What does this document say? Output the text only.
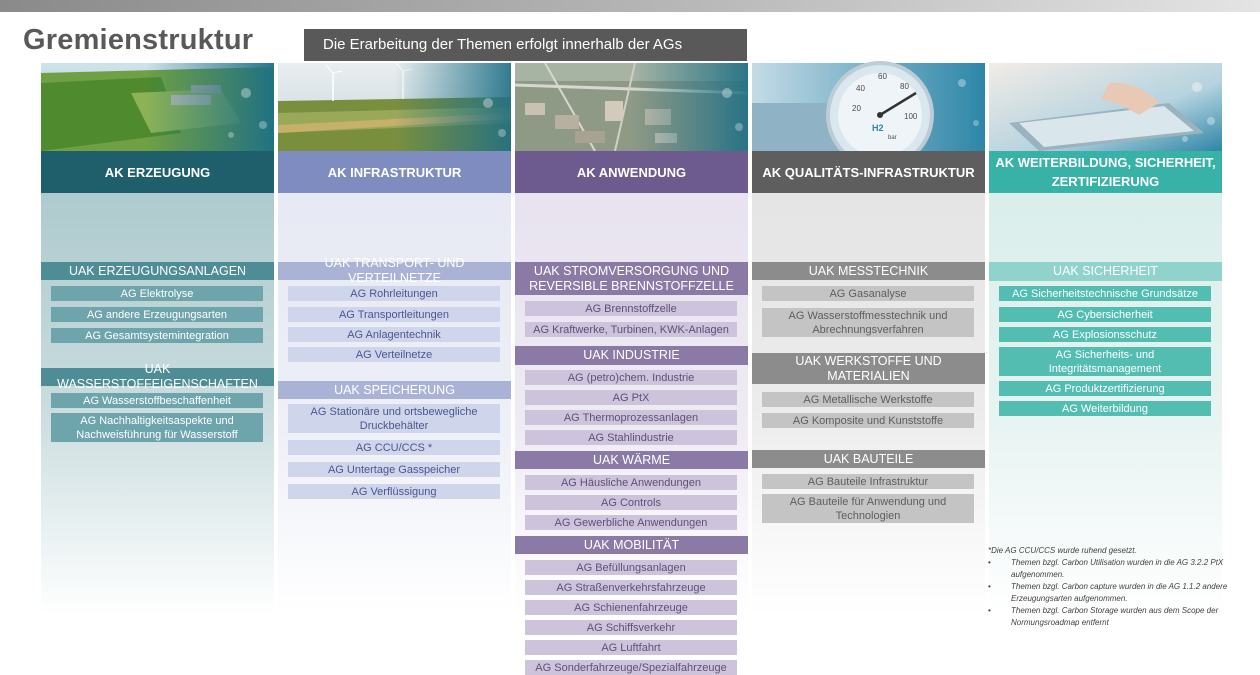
Gremienstruktur	Die Erarbeitung der Themen erfolgt innerhalb der AGs
AK ERZEUGUNG
UAK ERZEUGUNGSANLAGEN
AG Elektrolyse
AG andere Erzeugungsarten
AG Gesamtsystemintegration
UAK WASSERSTOFFEIGENSCHAFTEN
AG Wasserstoffbeschaffenheit
AG Nachhaltigkeitsaspekte und Nachweisführung für Wasserstoff
AK INFRASTRUKTUR
UAK TRANSPORT- UND VERTEILNETZE
AG Rohrleitungen
AG Transportleitungen
AG Anlagentechnik
AG Verteilnetze
UAK SPEICHERUNG
AG Stationäre und ortsbewegliche Druckbehälter
AG CCU/CCS *
AG Untertage Gasspeicher
AG Verflüssigung
AK ANWENDUNG
UAK STROMVERSORGUNG UND REVERSIBLE BRENNSTOFFZELLE
AG Brennstoffzelle
AG Kraftwerke, Turbinen, KWK-Anlagen
UAK INDUSTRIE
AG (petro)chem. Industrie
AG PtX
AG Thermoprozessanlagen
AG Stahlindustrie
UAK WÄRME
AG Häusliche Anwendungen
AG Controls
AG Gewerbliche Anwendungen
UAK MOBILITÄT
AG Befüllungsanlagen
AG Straßenverkehrsfahrzeuge
AG Schienenfahrzeuge
AG Schiffsverkehr
AG Luftfahrt
AG Sonderfahrzeuge/Spezialfahrzeuge
20
40
60
80
100
H2
bar
AK QUALITÄTS-INFRASTRUKTUR
UAK MESSTECHNIK
AG Gasanalyse
AG Wasserstoffmesstechnik und Abrechnungsverfahren
UAK WERKSTOFFE UND MATERIALIEN
AG Metallische Werkstoffe
AG Komposite und Kunststoffe
UAK BAUTEILE
AG Bauteile Infrastruktur
AG Bauteile für Anwendung und Technologien
AK WEITERBILDUNG, SICHERHEIT, ZERTIFIZIERUNG
UAK SICHERHEIT
AG Sicherheitstechnische Grundsätze
AG Cybersicherheit
AG Explosionsschutz
AG Sicherheits- und Integritätsmanagement
AG Produktzertifizierung
AG Weiterbildung
*Die AG CCU/CCS wurde ruhend gesetzt.
• Themen bzgl. Carbon Utilisation wurden in die AG 3.2.2 PtX aufgenommen.
• Themen bzgl. Carbon capture wurden in die AG 1.1.2 andere Erzeugungsarten aufgenommen.
• Themen bzgl. Carbon Storage wurden aus dem Scope der Normungsroadmap entfernt
